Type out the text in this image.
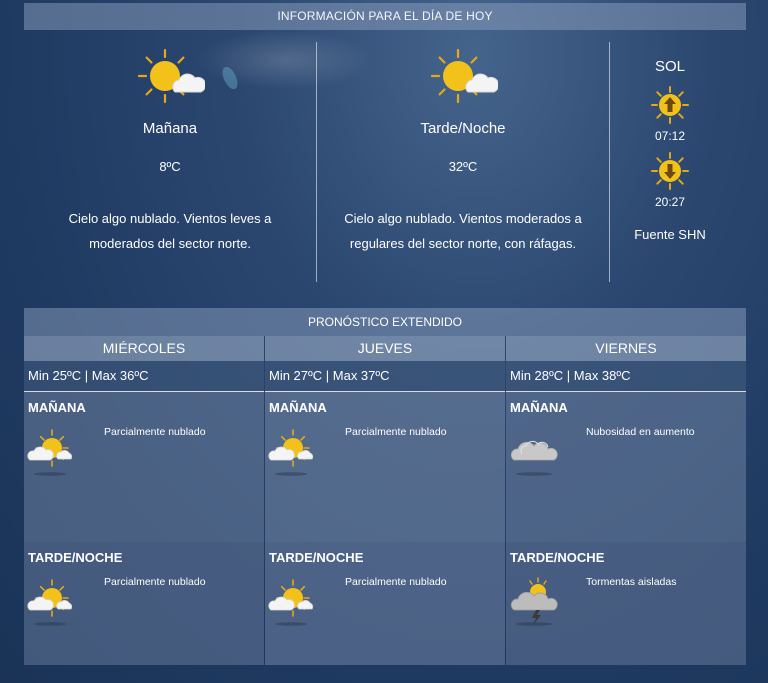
INFORMACIÓN PARA EL DÍA DE HOY
Mañana
8ºC
Cielo algo nublado. Vientos leves a
moderados del sector norte.
Tarde/Noche
32ºC
Cielo algo nublado. Vientos moderados a
regulares del sector norte, con ráfagas.
SOL
07:12
20:27
Fuente SHN
PRONÓSTICO EXTENDIDO
MIÉRCOLES
Min 25ºC | Max 36ºC
MAÑANA
Parcialmente nublado
TARDE/NOCHE
Parcialmente nublado
JUEVES
Min 27ºC | Max 37ºC
MAÑANA
Parcialmente nublado
TARDE/NOCHE
Parcialmente nublado
VIERNES
Min 28ºC | Max 38ºC
MAÑANA
Nubosidad en aumento
TARDE/NOCHE
Tormentas aisladas
